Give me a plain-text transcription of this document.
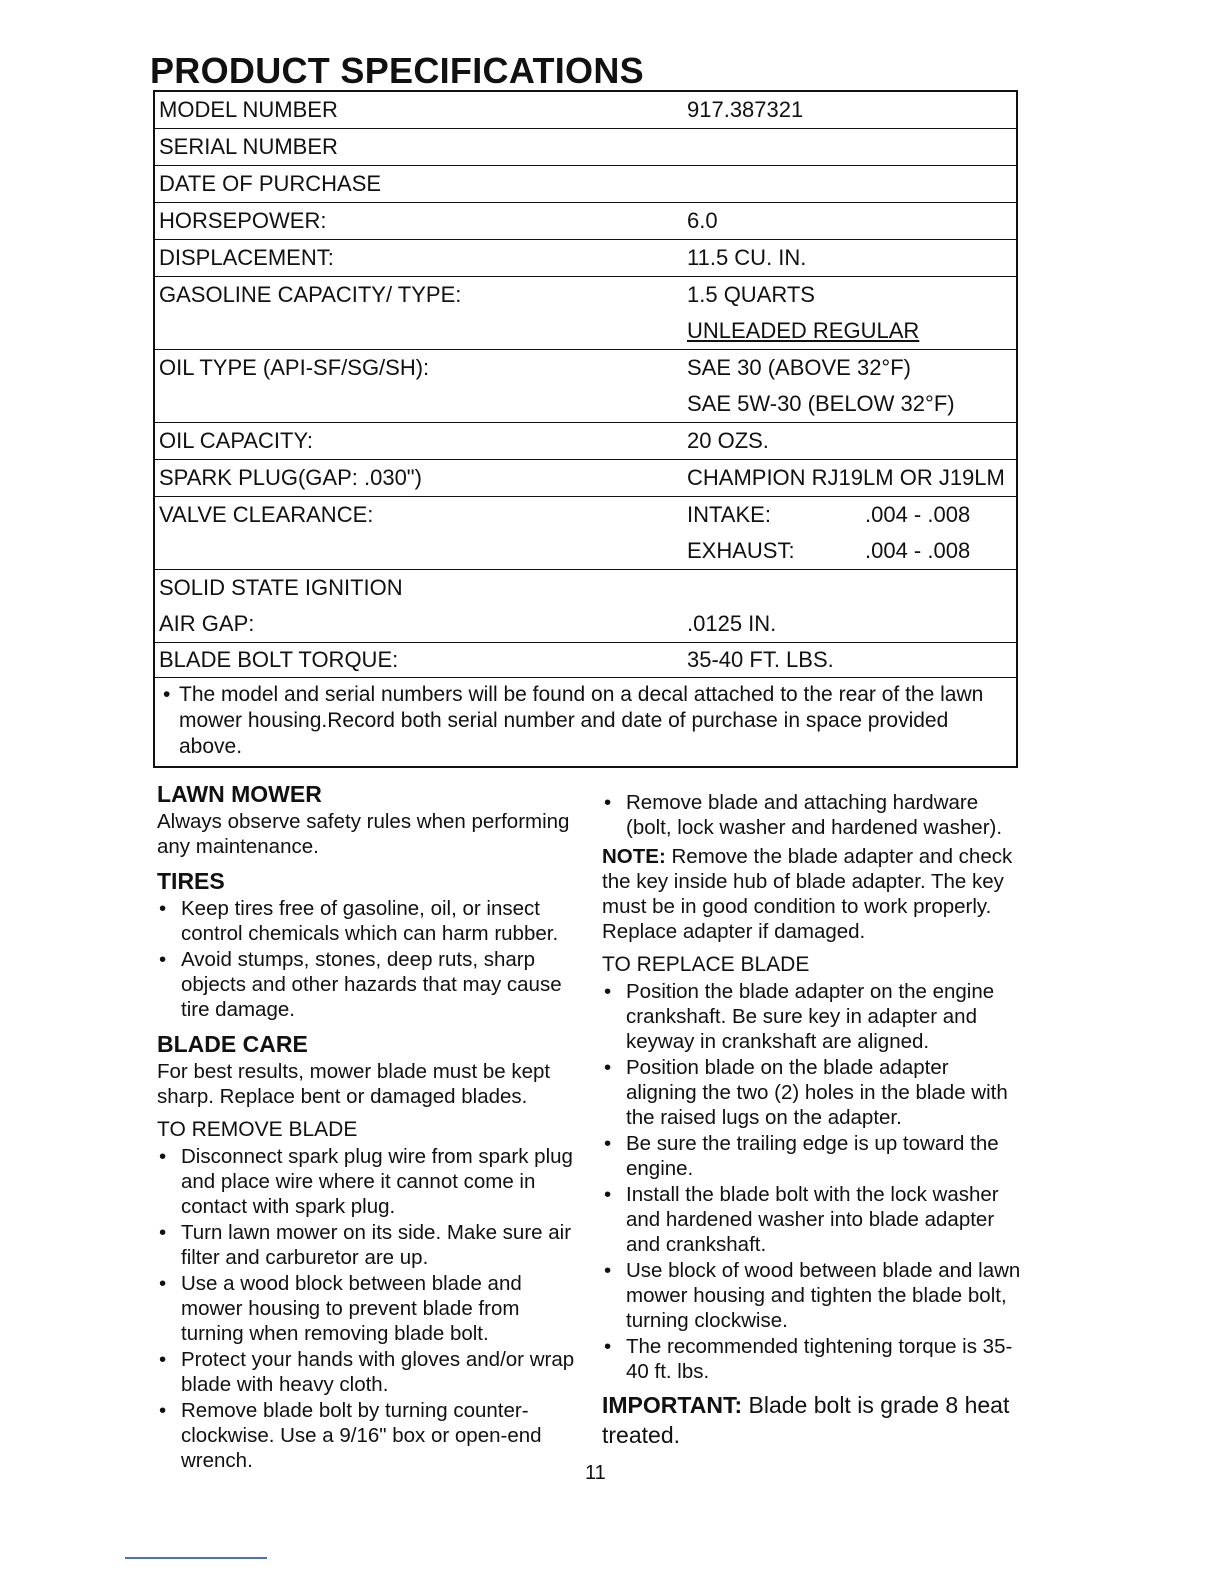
PRODUCT SPECIFICATIONS
MODEL NUMBER	917.387321
SERIAL NUMBER
DATE OF PURCHASE
HORSEPOWER:	6.0
DISPLACEMENT:	11.5 CU. IN.
GASOLINE CAPACITY/ TYPE:	1.5 QUARTS
UNLEADED REGULAR
OIL TYPE (API-SF/SG/SH):	SAE 30 (ABOVE 32°F)
SAE 5W-30 (BELOW 32°F)
OIL CAPACITY:	20 OZS.
SPARK PLUG(GAP: .030")	CHAMPION RJ19LM OR J19LM
VALVE CLEARANCE:	INTAKE:	.004 - .008
EXHAUST:	.004 - .008
SOLID STATE IGNITION
AIR GAP:	.0125 IN.
BLADE BOLT TORQUE:	35-40 FT. LBS.
• The model and serial numbers will be found on a decal attached to the rear of the lawn mower housing.Record both serial number and date of purchase in space provided above.
LAWN MOWER

Always observe safety rules when performing any maintenance.

TIRES
• Keep tires free of gasoline, oil, or insect control chemicals which can harm rubber.
• Avoid stumps, stones, deep ruts, sharp objects and other hazards that may cause tire damage.
BLADE CARE

For best results, mower blade must be kept sharp. Replace bent or damaged blades.

TO REMOVE BLADE
• Disconnect spark plug wire from spark plug and place wire where it cannot come in contact with spark plug.
• Turn lawn mower on its side. Make sure air filter and carburetor are up.
• Use a wood block between blade and mower housing to prevent blade from turning when removing blade bolt.
• Protect your hands with gloves and/or wrap blade with heavy cloth.
• Remove blade bolt by turning counter-clockwise. Use a 9/16" box or open-end wrench.
• Remove blade and attaching hardware (bolt, lock washer and hardened washer).

NOTE: Remove the blade adapter and check the key inside hub of blade adapter. The key must be in good condition to work properly. Replace adapter if damaged.

TO REPLACE BLADE
• Position the blade adapter on the engine crankshaft. Be sure key in adapter and keyway in crankshaft are aligned.
• Position blade on the blade adapter aligning the two (2) holes in the blade with the raised lugs on the adapter.
• Be sure the trailing edge is up toward the engine.
• Install the blade bolt with the lock washer and hardened washer into blade adapter and crankshaft.
• Use block of wood between blade and lawn mower housing and tighten the blade bolt, turning clockwise.
• The recommended tightening torque is 35-40 ft. lbs.

IMPORTANT: Blade bolt is grade 8 heat treated.

11
